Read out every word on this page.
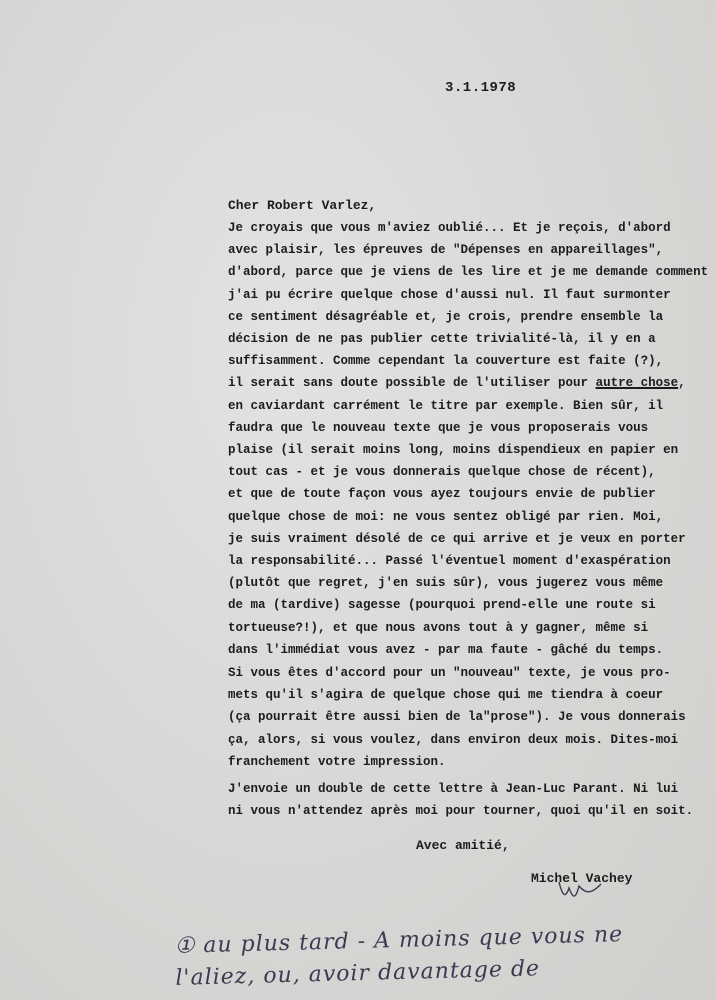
3.1.1978
Cher Robert Varlez,

Je croyais que vous m'aviez oublié... Et je reçois, d'abord
avec plaisir, les épreuves de "Dépenses en appareillages",
d'abord, parce que je viens de les lire et je me demande comment
j'ai pu écrire quelque chose d'aussi nul. Il faut surmonter
ce sentiment désagréable et, je crois, prendre ensemble la
décision de ne pas publier cette trivialité-là, il y en a
suffisamment. Comme cependant la couverture est faite (?),
il serait sans doute possible de l'utiliser pour autre chose,
en caviardant carrément le titre par exemple. Bien sûr, il
faudra que le nouveau texte que je vous proposerais vous
plaise (il serait moins long, moins dispendieux en papier en
tout cas - et je vous donnerais quelque chose de récent),
et que de toute façon vous ayez toujours envie de publier
quelque chose de moi: ne vous sentez obligé par rien. Moi,
je suis vraiment désolé de ce qui arrive et je veux en porter
la responsabilité... Passé l'éventuel moment d'exaspération
(plutôt que regret, j'en suis sûr), vous jugerez vous même
de ma (tardive) sagesse (pourquoi prend-elle une route si
tortueuse?!), et que nous avons tout à y gagner, même si
dans l'immédiat vous avez - par ma faute - gâché du temps.

Si vous êtes d'accord pour un "nouveau" texte, je vous pro-
mets qu'il s'agira de quelque chose qui me tiendra à coeur
(ça pourrait être aussi bien de la"prose"). Je vous donnerais
ça, alors, si vous voulez, dans environ deux mois. Dites-moi
franchement votre impression.

J'envoie un double de cette lettre à Jean-Luc Parant. Ni lui
ni vous n'attendez après moi pour tourner, quoi qu'il en soit.

Avec amitié,
Michel Vachey
① au plus tard - A moins que vous ne
l'aliez, ou, avoir davantage de
